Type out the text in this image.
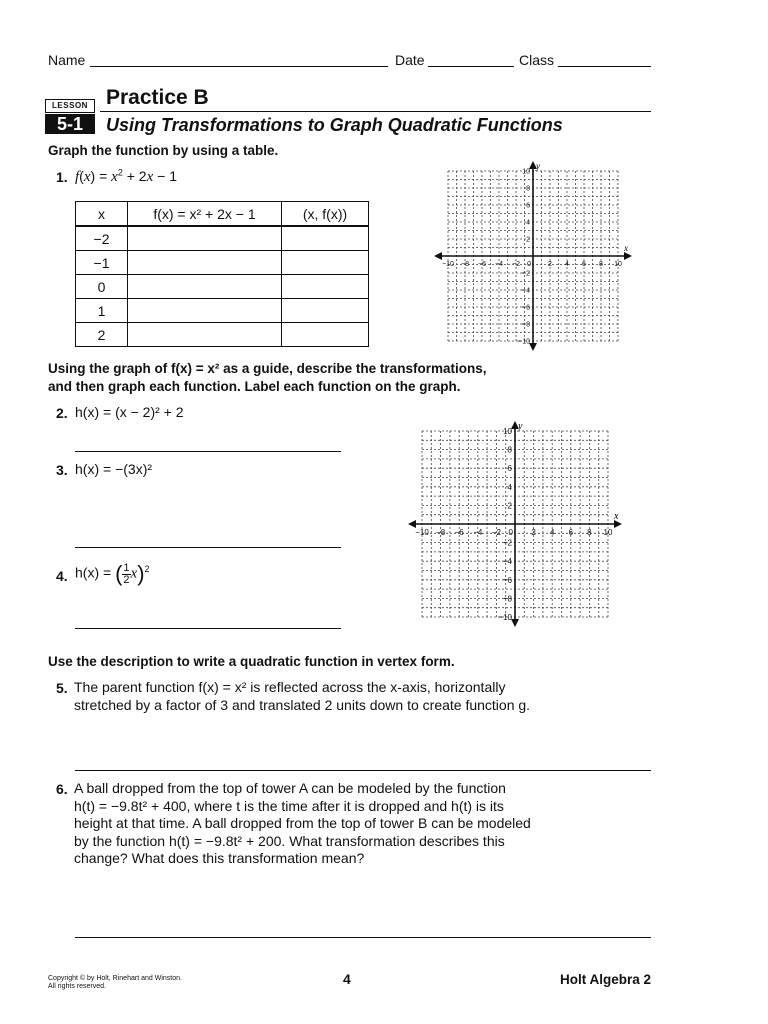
Name	Date	Class
LESSON
5-1
Practice B
Using Transformations to Graph Quadratic Functions
Graph the function by using a table.
1. $f(x) = x^2 + 2x - 1$
x	f(x) = x² + 2x − 1	(x, f(x))
−2		
−1		
0		
1		
2		
x
y
−10 −8 −6 −4 −2 0 2 4 6 8 10
10
8
6
4
2
2
4
6
8
10
Using the graph of f(x) = x² as a guide, describe the transformations,
and then graph each function. Label each function on the graph.
2. h(x) = (x − 2)² + 2
3. h(x) = −(3x)²
4. h(x) = ( $\frac{1}{2} x)^2$
x
y
−10 −8 −6 −4 −2 0 2 4 6 8 10
10
8
6
4
2
2
4
6
8
10
Use the description to write a quadratic function in vertex form.
5. The parent function f(x) = x² is reflected across the x-axis, horizontally
stretched by a factor of 3 and translated 2 units down to create function g.
6. A ball dropped from the top of tower A can be modeled by the function
h(t) = −9.8t² + 400, where t is the time after it is dropped and h(t) is its
height at that time. A ball dropped from the top of tower B can be modeled
by the function h(t) = −9.8t² + 200. What transformation describes this
change? What does this transformation mean?
Copyright © by Holt, Rinehart and Winston.
All rights reserved.	4	Holt Algebra 2
